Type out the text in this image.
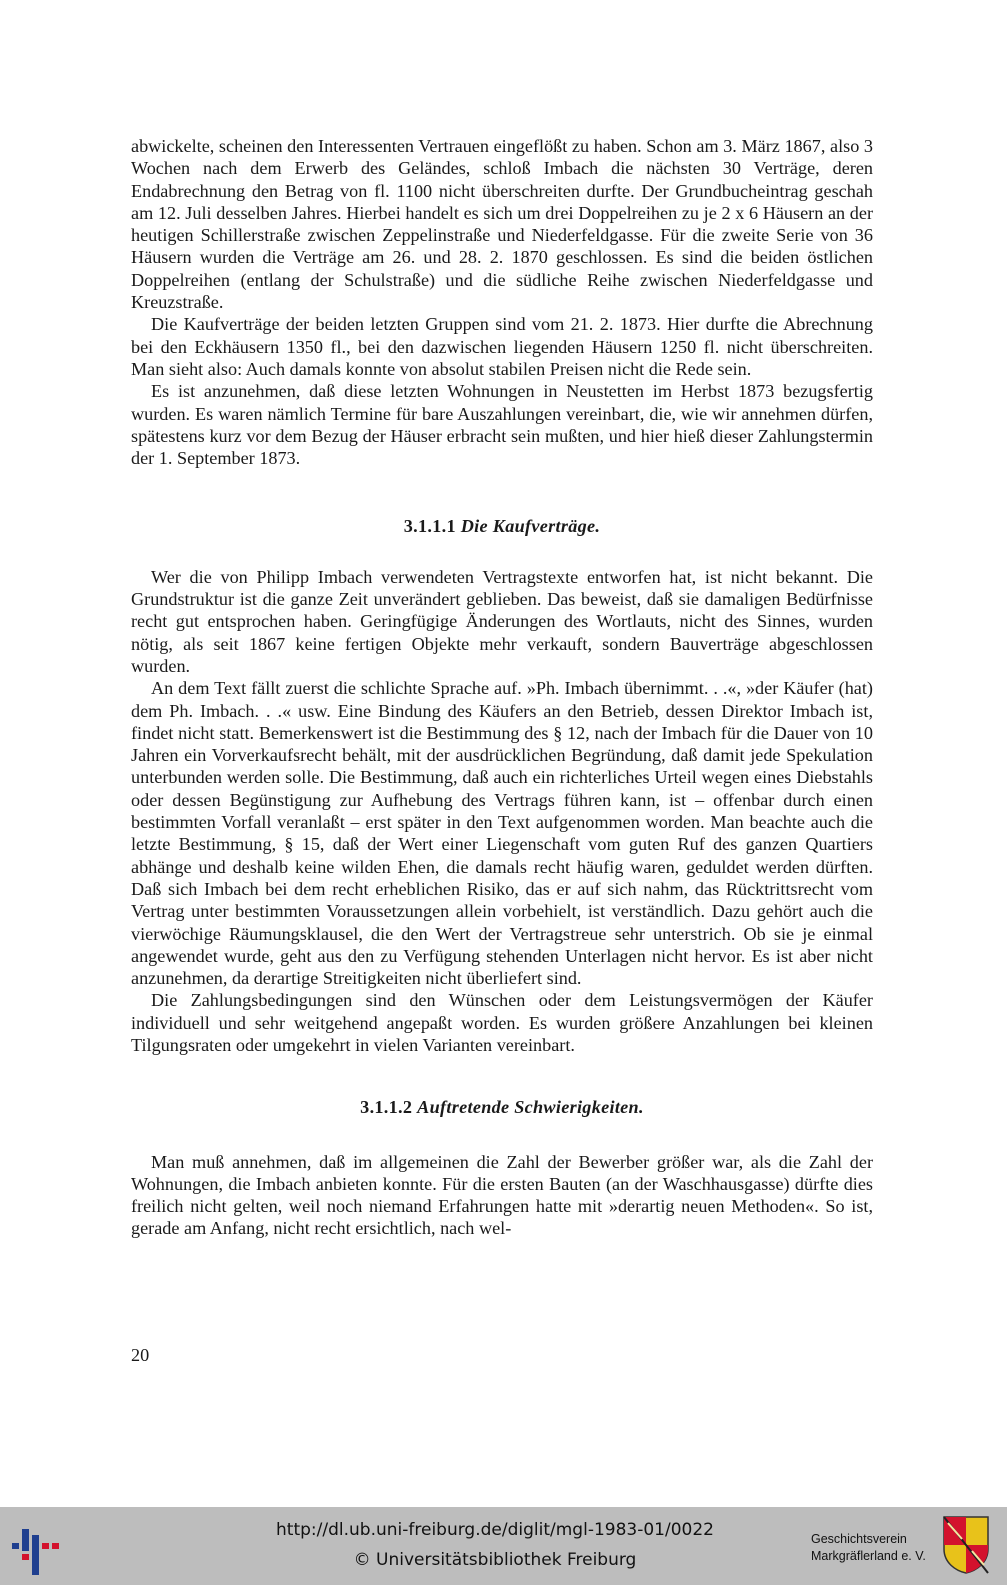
abwickelte, scheinen den Interessenten Vertrauen eingeflößt zu haben. Schon am 3. März 1867, also 3 Wochen nach dem Erwerb des Geländes, schloß Imbach die nächsten 30 Verträge, deren Endabrechnung den Betrag von fl. 1100 nicht überschreiten durfte. Der Grundbucheintrag geschah am 12. Juli desselben Jahres. Hierbei handelt es sich um drei Doppelreihen zu je 2 x 6 Häusern an der heutigen Schillerstraße zwischen Zeppelinstraße und Niederfeldgasse. Für die zweite Serie von 36 Häusern wurden die Verträge am 26. und 28. 2. 1870 geschlossen. Es sind die beiden östlichen Doppelreihen (entlang der Schulstraße) und die südliche Reihe zwischen Niederfeldgasse und Kreuzstraße.

Die Kaufverträge der beiden letzten Gruppen sind vom 21. 2. 1873. Hier durfte die Abrechnung bei den Eckhäusern 1350 fl., bei den dazwischen liegenden Häusern 1250 fl. nicht überschreiten. Man sieht also: Auch damals konnte von absolut stabilen Preisen nicht die Rede sein.

Es ist anzunehmen, daß diese letzten Wohnungen in Neustetten im Herbst 1873 bezugsfertig wurden. Es waren nämlich Termine für bare Auszahlungen vereinbart, die, wie wir annehmen dürfen, spätestens kurz vor dem Bezug der Häuser erbracht sein mußten, und hier hieß dieser Zahlungstermin der 1. September 1873.

3.1.1.1 Die Kaufverträge.

Wer die von Philipp Imbach verwendeten Vertragstexte entworfen hat, ist nicht bekannt. Die Grundstruktur ist die ganze Zeit unverändert geblieben. Das beweist, daß sie damaligen Bedürfnisse recht gut entsprochen haben. Geringfügige Änderungen des Wortlauts, nicht des Sinnes, wurden nötig, als seit 1867 keine fertigen Objekte mehr verkauft, sondern Bauverträge abgeschlossen wurden.

An dem Text fällt zuerst die schlichte Sprache auf. »Ph. Imbach übernimmt. . .«, »der Käufer (hat) dem Ph. Imbach. . .« usw. Eine Bindung des Käufers an den Betrieb, dessen Direktor Imbach ist, findet nicht statt. Bemerkenswert ist die Bestimmung des § 12, nach der Imbach für die Dauer von 10 Jahren ein Vorverkaufsrecht behält, mit der ausdrücklichen Begründung, daß damit jede Spekulation unterbunden werden solle. Die Bestimmung, daß auch ein richterliches Urteil wegen eines Diebstahls oder dessen Begünstigung zur Aufhebung des Vertrags führen kann, ist – offenbar durch einen bestimmten Vorfall veranlaßt – erst später in den Text aufgenommen worden. Man beachte auch die letzte Bestimmung, § 15, daß der Wert einer Liegenschaft vom guten Ruf des ganzen Quartiers abhänge und deshalb keine wilden Ehen, die damals recht häufig waren, geduldet werden dürften. Daß sich Imbach bei dem recht erheblichen Risiko, das er auf sich nahm, das Rücktrittsrecht vom Vertrag unter bestimmten Voraussetzungen allein vorbehielt, ist verständlich. Dazu gehört auch die vierwöchige Räumungsklausel, die den Wert der Vertragstreue sehr unterstrich. Ob sie je einmal angewendet wurde, geht aus den zu Verfügung stehenden Unterlagen nicht hervor. Es ist aber nicht anzunehmen, da derartige Streitigkeiten nicht überliefert sind.

Die Zahlungsbedingungen sind den Wünschen oder dem Leistungsvermögen der Käufer individuell und sehr weitgehend angepaßt worden. Es wurden größere Anzahlungen bei kleinen Tilgungsraten oder umgekehrt in vielen Varianten vereinbart.

3.1.1.2 Auftretende Schwierigkeiten.

Man muß annehmen, daß im allgemeinen die Zahl der Bewerber größer war, als die Zahl der Wohnungen, die Imbach anbieten konnte. Für die ersten Bauten (an der Waschhausgasse) dürfte dies freilich nicht gelten, weil noch niemand Erfahrungen hatte mit »derartig neuen Methoden«. So ist, gerade am Anfang, nicht recht ersichtlich, nach wel-

20
http://dl.ub.uni-freiburg.de/diglit/mgl-1983-01/0022
© Universitätsbibliothek Freiburg
Geschichtsverein
Markgräflerland e. V.
